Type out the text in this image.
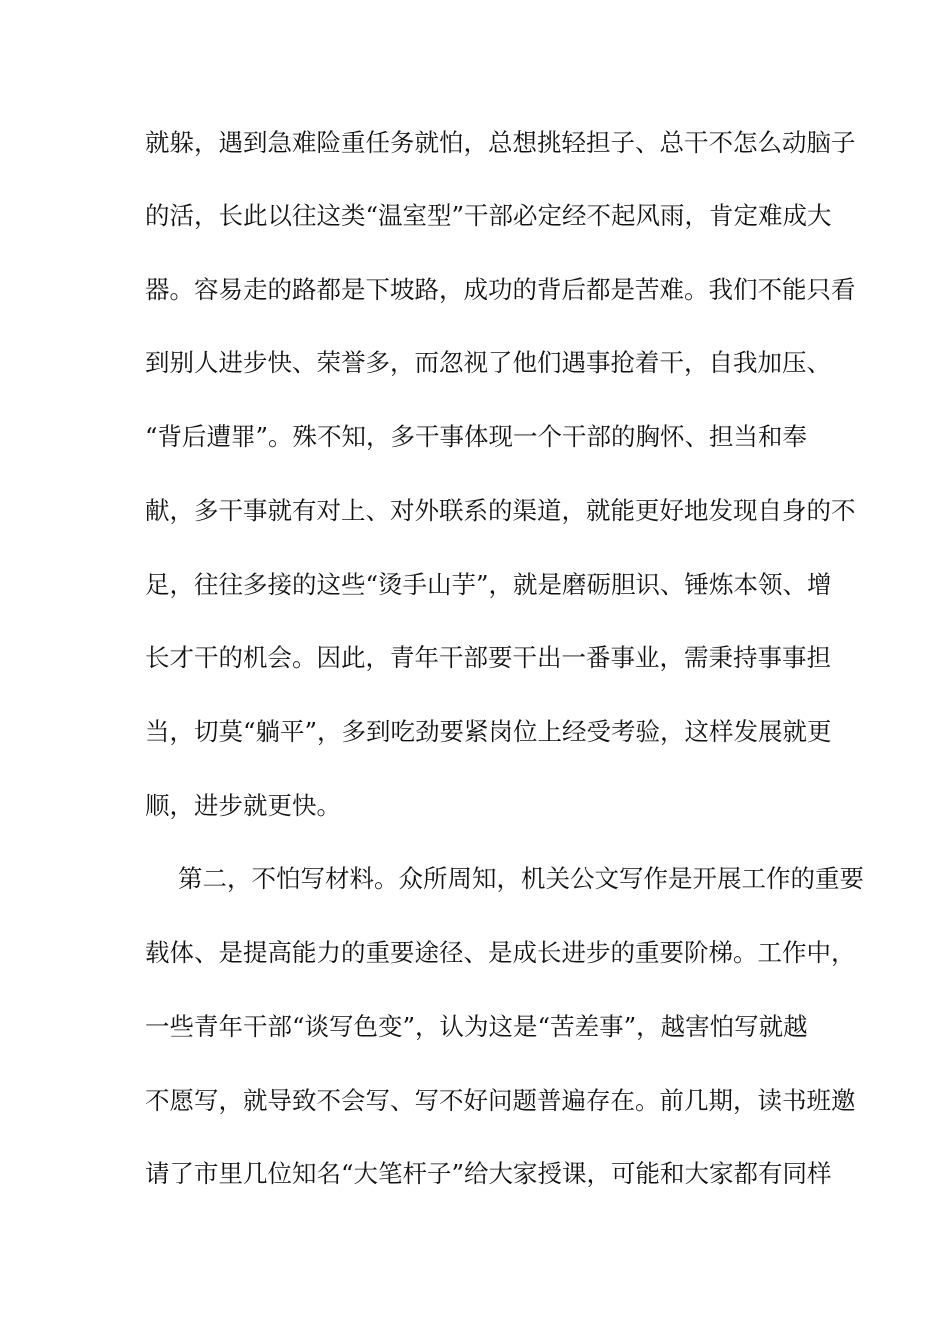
就躲，遇到急难险重任务就怕，总想挑轻担子、总干不怎么动脑子
的活，长此以往这类“温室型”干部必定经不起风雨，肯定难成大
器。容易走的路都是下坡路，成功的背后都是苦难。我们不能只看
到别人进步快、荣誉多，而忽视了他们遇事抢着干，自我加压、
“背后遭罪”。殊不知，多干事体现一个干部的胸怀、担当和奉
献，多干事就有对上、对外联系的渠道，就能更好地发现自身的不
足，往往多接的这些“烫手山芋”，就是磨砺胆识、锤炼本领、增
长才干的机会。因此，青年干部要干出一番事业，需秉持事事担
当，切莫“躺平”，多到吃劲要紧岗位上经受考验，这样发展就更
顺，进步就更快。
第二，不怕写材料。众所周知，机关公文写作是开展工作的重要
载体、是提高能力的重要途径、是成长进步的重要阶梯。工作中，
一些青年干部“谈写色变”，认为这是“苦差事”，越害怕写就越
不愿写，就导致不会写、写不好问题普遍存在。前几期，读书班邀
请了市里几位知名“大笔杆子”给大家授课，可能和大家都有同样
